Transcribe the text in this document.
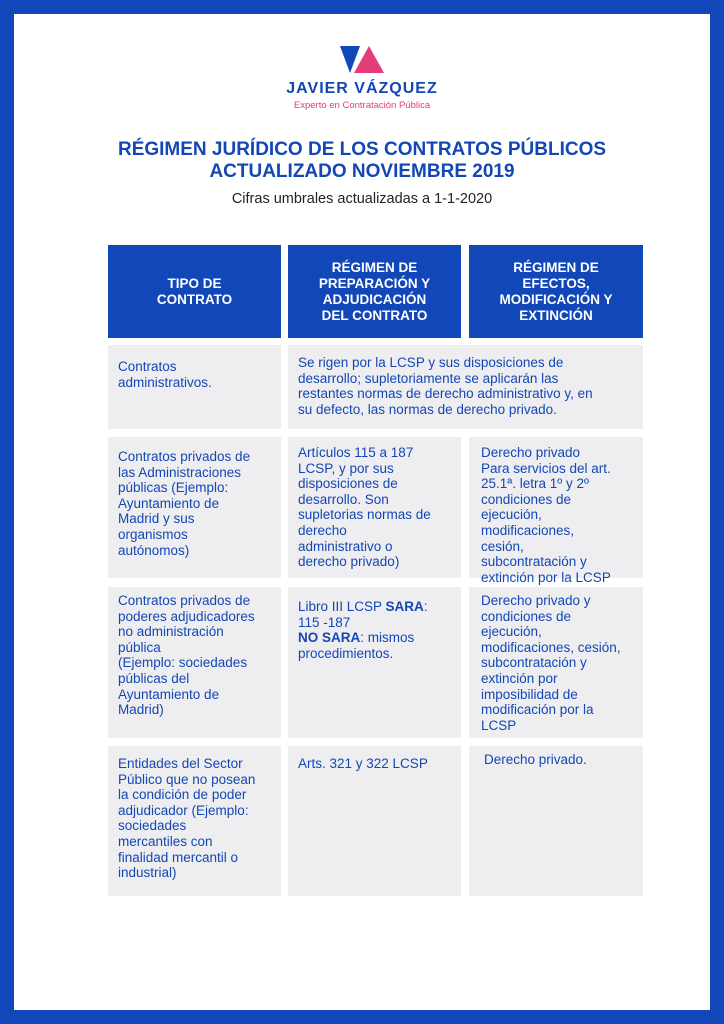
JAVIER VÁZQUEZ
Experto en Contratación Pública
RÉGIMEN JURÍDICO DE LOS CONTRATOS PÚBLICOS
ACTUALIZADO NOVIEMBRE 2019
Cifras umbrales actualizadas a 1-1-2020
TIPO DE
CONTRATO
RÉGIMEN DE
PREPARACIÓN Y
ADJUDICACIÓN
DEL CONTRATO
RÉGIMEN DE
EFECTOS,
MODIFICACIÓN Y
EXTINCIÓN
Contratos
administrativos.
Se rigen por la LCSP y sus disposiciones de
desarrollo; supletoriamente se aplicarán las
restantes normas de derecho administrativo y, en
su defecto, las normas de derecho privado.
Contratos privados de
las Administraciones
públicas (Ejemplo:
Ayuntamiento de
Madrid y sus
organismos
autónomos)
Artículos 115 a 187
LCSP, y por sus
disposiciones de
desarrollo. Son
supletorias normas de
derecho
administrativo o
derecho privado)
Derecho privado
Para servicios del art.
25.1ª. letra 1º y 2º
condiciones de
ejecución,
modificaciones,
cesión,
subcontratación y
extinción por la LCSP
Contratos privados de
poderes adjudicadores
no administración
pública
(Ejemplo: sociedades
públicas del
Ayuntamiento de
Madrid)
Libro III LCSP SARA:
115 -187
NO SARA: mismos
procedimientos.
Derecho privado y
condiciones de
ejecución,
modificaciones, cesión,
subcontratación y
extinción por
imposibilidad de
modificación por la
LCSP
Entidades del Sector
Público que no posean
la condición de poder
adjudicador (Ejemplo:
sociedades
mercantiles con
finalidad mercantil o
industrial)
Arts. 321 y 322 LCSP	Derecho privado.
